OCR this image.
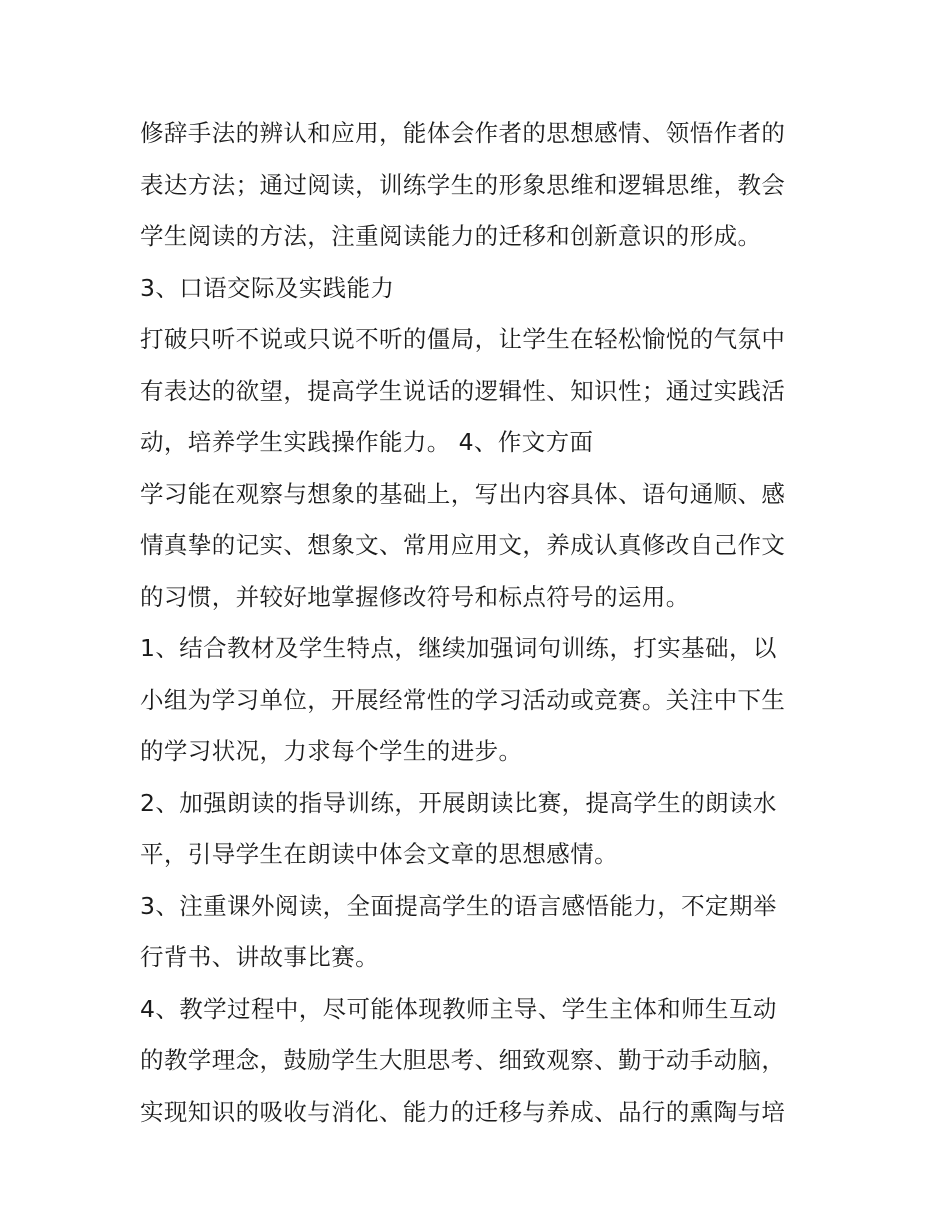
修辞手法的辨认和应用，能体会作者的思想感情、领悟作者的
表达方法；通过阅读，训练学生的形象思维和逻辑思维，教会
学生阅读的方法，注重阅读能力的迁移和创新意识的形成。
3、口语交际及实践能力
打破只听不说或只说不听的僵局，让学生在轻松愉悦的气氛中
有表达的欲望，提高学生说话的逻辑性、知识性；通过实践活
动，培养学生实践操作能力。 4、作文方面
学习能在观察与想象的基础上，写出内容具体、语句通顺、感
情真挚的记实、想象文、常用应用文，养成认真修改自己作文
的习惯，并较好地掌握修改符号和标点符号的运用。
1、结合教材及学生特点，继续加强词句训练，打实基础，以
小组为学习单位，开展经常性的学习活动或竞赛。关注中下生
的学习状况，力求每个学生的进步。
2、加强朗读的指导训练，开展朗读比赛，提高学生的朗读水
平，引导学生在朗读中体会文章的思想感情。
3、注重课外阅读，全面提高学生的语言感悟能力，不定期举
行背书、讲故事比赛。
4、教学过程中，尽可能体现教师主导、学生主体和师生互动
的教学理念，鼓励学生大胆思考、细致观察、勤于动手动脑，
实现知识的吸收与消化、能力的迁移与养成、品行的熏陶与培
